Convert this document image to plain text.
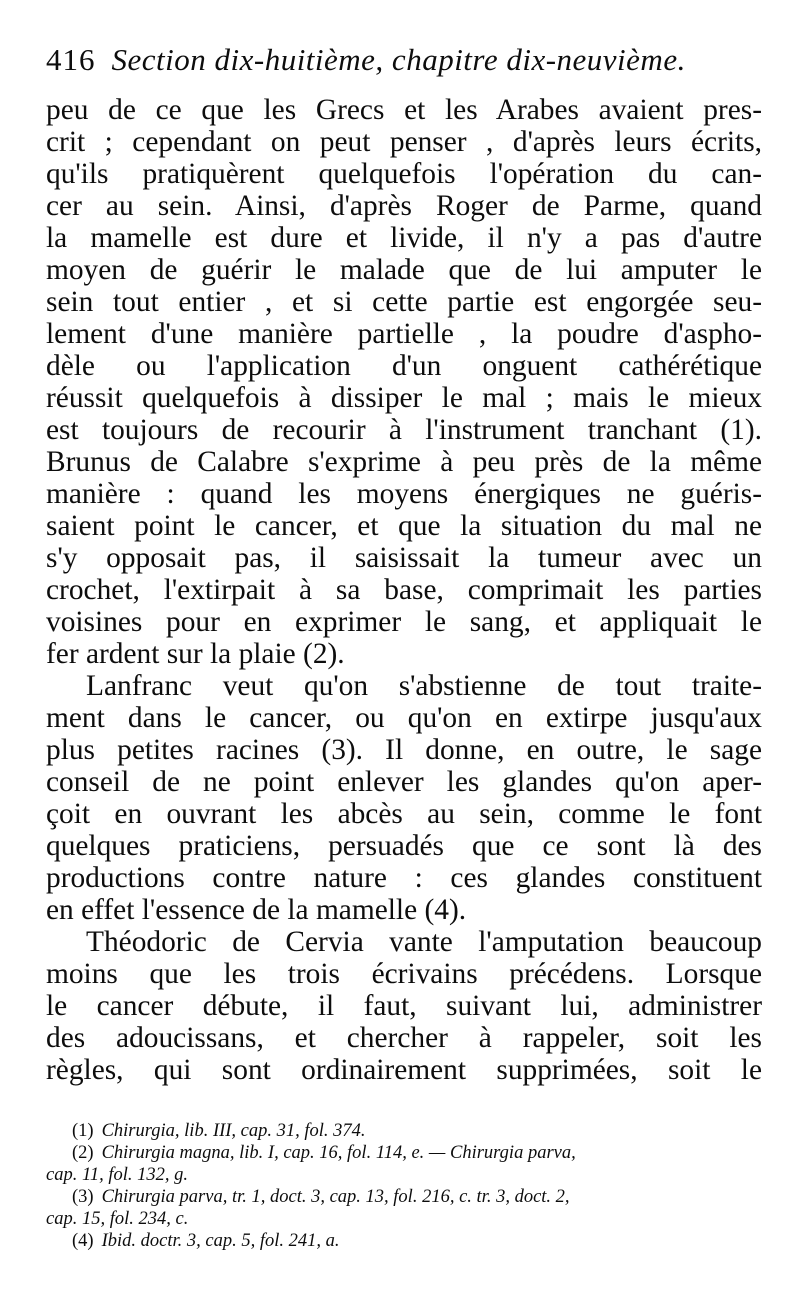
416 Section dix-huitième, chapitre dix-neuvième.
peu de ce que les Grecs et les Arabes avaient pres-
crit ; cependant on peut penser , d'après leurs écrits,
qu'ils pratiquèrent quelquefois l'opération du can-
cer au sein. Ainsi, d'après Roger de Parme, quand
la mamelle est dure et livide, il n'y a pas d'autre
moyen de guérir le malade que de lui amputer le
sein tout entier , et si cette partie est engorgée seu-
lement d'une manière partielle , la poudre d'aspho-
dèle ou l'application d'un onguent cathérétique
réussit quelquefois à dissiper le mal ; mais le mieux
est toujours de recourir à l'instrument tranchant (1).
Brunus de Calabre s'exprime à peu près de la même
manière : quand les moyens énergiques ne guéris-
saient point le cancer, et que la situation du mal ne
s'y opposait pas, il saisissait la tumeur avec un
crochet, l'extirpait à sa base, comprimait les parties
voisines pour en exprimer le sang, et appliquait le
fer ardent sur la plaie (2).
Lanfranc veut qu'on s'abstienne de tout traite-
ment dans le cancer, ou qu'on en extirpe jusqu'aux
plus petites racines (3). Il donne, en outre, le sage
conseil de ne point enlever les glandes qu'on aper-
çoit en ouvrant les abcès au sein, comme le font
quelques praticiens, persuadés que ce sont là des
productions contre nature : ces glandes constituent
en effet l'essence de la mamelle (4).
Théodoric de Cervia vante l'amputation beaucoup
moins que les trois écrivains précédens. Lorsque
le cancer débute, il faut, suivant lui, administrer
des adoucissans, et chercher à rappeler, soit les
règles, qui sont ordinairement supprimées, soit le
(1) Chirurgia, lib. III, cap. 31, fol. 374.
(2) Chirurgia magna, lib. I, cap. 16, fol. 114, e. — Chirurgia parva,
cap. 11, fol. 132, g.
(3) Chirurgia parva, tr. 1, doct. 3, cap. 13, fol. 216, c. tr. 3, doct. 2,
cap. 15, fol. 234, c.
(4) Ibid. doctr. 3, cap. 5, fol. 241, a.
